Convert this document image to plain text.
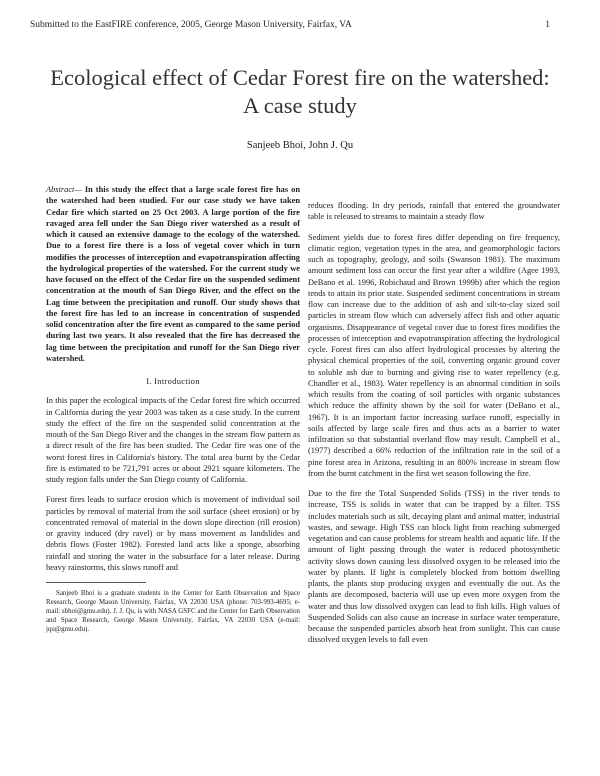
Submitted to the EastFIRE conference, 2005, George Mason University, Fairfax, VA	1
Ecological effect of Cedar Forest fire on the watershed: A case study
Sanjeeb Bhoi, John J. Qu

Abstract— In this study the effect that a large scale forest fire has on the watershed had been studied. For our case study we have taken Cedar fire which started on 25 Oct 2003. A large portion of the fire ravaged area fell under the San Diego river watershed as a result of which it caused an extensive damage to the ecology of the watershed. Due to a forest fire there is a loss of vegetal cover which in turn modifies the processes of interception and evapotranspiration affecting the hydrological properties of the watershed. For the current study we have focused on the effect of the Cedar fire on the suspended sediment concentration at the mouth of San Diego River, and the effect on the Lag time between the precipitation and runoff. Our study shows that the forest fire has led to an increase in concentration of suspended solid concentration after the fire event as compared to the same period during last two years. It also revealed that the fire has decreased the lag time between the precipitation and runoff for the San Diego river watershed.

I. Introduction

In this paper the ecological impacts of the Cedar forest fire which occurred in California during the year 2003 was taken as a case study. In the current study the effect of the fire on the suspended solid concentration at the mouth of the San Diego River and the changes in the stream flow pattern as a direct result of the fire has been studied. The Cedar fire was one of the worst forest fires in California's history. The total area burnt by the Cedar fire is estimated to be 721,791 acres or about 2921 square kilometers. The study region falls under the San Diego county of California.

Forest fires leads to surface erosion which is movement of individual soil particles by removal of material from the soil surface (sheet erosion) or by concentrated removal of material in the down slope direction (rill erosion) or gravity induced (dry ravel) or by mass movement as landslides and debris flows (Foster 1982). Forested land acts like a sponge, absorbing rainfall and storing the water in the subsurface for a later release. During heavy rainstorms, this slows runoff and

Sanjeeb Bhoi is a graduate students in the Center for Earth Observation and Space Research, George Mason University, Fairfax, VA 22030 USA (phone: 703-993-4695; e-mail: sbhoi@gmu.edu). J. J. Qu, is with NASA GSFC and the Center for Earth Observation and Space Research, George Mason University, Fairfax, VA 22030 USA (e-mail: jqu@gmu.edu).

reduces flooding. In dry periods, rainfall that entered the groundwater table is released to streams to maintain a steady flow

Sediment yields due to forest fires differ depending on fire frequency, climatic region, vegetation types in the area, and geomorphologic factors such as topography, geology, and soils (Swanson 1981). The maximum amount sediment loss can occur the first year after a wildfire (Agee 1993, DeBano et al. 1996, Robichaud and Brown 1999b) after which the region tends to attain its prior state. Suspended sediment concentrations in stream flow can increase due to the addition of ash and silt-to-clay sized soil particles in stream flow which can adversely affect fish and other aquatic organisms. Disappearance of vegetal cover due to forest fires modifies the processes of interception and evapotranspiration affecting the hydrological cycle. Forest fires can also affect hydrological processes by altering the physical chemical properties of the soil, converting organic ground cover to soluble ash due to burning and giving rise to water repellency (e.g. Chandler et al., 1983). Water repellency is an abnormal condition in soils which results from the coating of soil particles with organic substances which reduce the affinity shown by the soil for water (DeBano et al., 1967). It is an important factor increasing surface runoff, especially in soils affected by large scale fires and thus acts as a barrier to water infiltration so that substantial overland flow may result. Campbell et al., (1977) described a 66% reduction of the infiltration rate in the soil of a pine forest area in Arizona, resulting in an 800% increase in stream flow from the burnt catchment in the first wet season following the fire.

Due to the fire the Total Suspended Solids (TSS) in the river tends to increase, TSS is solids in water that can be trapped by a filter. TSS includes materials such as silt, decaying plant and animal matter, industrial wastes, and sewage. High TSS can block light from reaching submerged vegetation and can cause problems for stream health and aquatic life. If the amount of light passing through the water is reduced photosynthetic activity slows down causing less dissolved oxygen to be released into the water by plants. If light is completely blocked from bottom dwelling plants, the plants stop producing oxygen and eventually die out. As the plants are decomposed, bacteria will use up even more oxygen from the water and thus low dissolved oxygen can lead to fish kills. High values of Suspended Solids can also cause an increase in surface water temperature, because the suspended particles absorb heat from sunlight. This can cause dissolved oxygen levels to fall even
